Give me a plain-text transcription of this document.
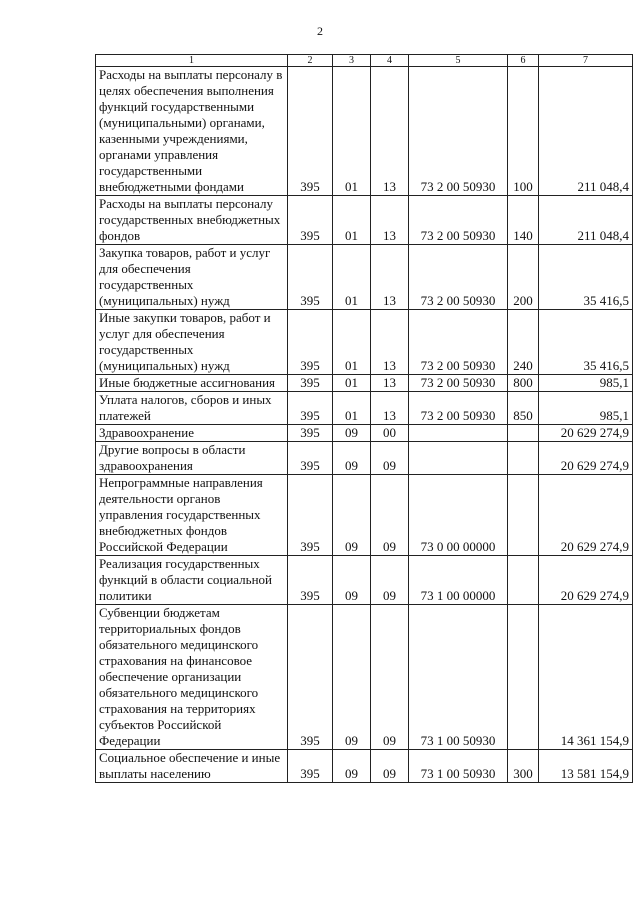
2
1	2	3	4	5	6	7
Расходы на выплаты персоналу в целях обеспечения выполнения функций государственными (муниципальными) органами, казенными учреждениями, органами управления государственными внебюджетными фондами	395	01	13	73 2 00 50930	100	211 048,4
Расходы на выплаты персоналу государственных внебюджетных фондов	395	01	13	73 2 00 50930	140	211 048,4
Закупка товаров, работ и услуг для обеспечения государственных (муниципальных) нужд	395	01	13	73 2 00 50930	200	35 416,5
Иные закупки товаров, работ и услуг для обеспечения государственных (муниципальных) нужд	395	01	13	73 2 00 50930	240	35 416,5
Иные бюджетные ассигнования	395	01	13	73 2 00 50930	800	985,1
Уплата налогов, сборов и иных платежей	395	01	13	73 2 00 50930	850	985,1
Здравоохранение	395	09	00			20 629 274,9
Другие вопросы в области здравоохранения	395	09	09			20 629 274,9
Непрограммные направления деятельности органов управления государственных внебюджетных фондов Российской Федерации	395	09	09	73 0 00 00000		20 629 274,9
Реализация государственных функций в области социальной политики	395	09	09	73 1 00 00000		20 629 274,9
Субвенции бюджетам территориальных фондов обязательного медицинского страхования на финансовое обеспечение организации обязательного медицинского страхования на территориях субъектов Российской Федерации	395	09	09	73 1 00 50930		14 361 154,9
Социальное обеспечение и иные выплаты населению	395	09	09	73 1 00 50930	300	13 581 154,9
